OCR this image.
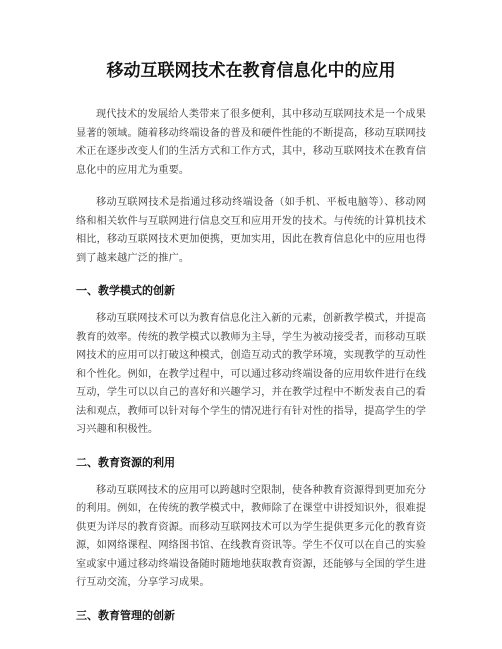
移动互联网技术在教育信息化中的应用

现代技术的发展给人类带来了很多便利，其中移动互联网技术是一个成果显著的领域。随着移动终端设备的普及和硬件性能的不断提高，移动互联网技术正在逐步改变人们的生活方式和工作方式，其中，移动互联网技术在教育信息化中的应用尤为重要。

移动互联网技术是指通过移动终端设备（如手机、平板电脑等）、移动网络和相关软件与互联网进行信息交互和应用开发的技术。与传统的计算机技术相比，移动互联网技术更加便携，更加实用，因此在教育信息化中的应用也得到了越来越广泛的推广。

一、教学模式的创新

移动互联网技术可以为教育信息化注入新的元素，创新教学模式，并提高教育的效率。传统的教学模式以教师为主导，学生为被动接受者，而移动互联网技术的应用可以打破这种模式，创造互动式的教学环境，实现教学的互动性和个性化。例如，在教学过程中，可以通过移动终端设备的应用软件进行在线互动，学生可以以自己的喜好和兴趣学习，并在教学过程中不断发表自己的看法和观点，教师可以针对每个学生的情况进行有针对性的指导，提高学生的学习兴趣和积极性。

二、教育资源的利用

移动互联网技术的应用可以跨越时空限制，使各种教育资源得到更加充分的利用。例如，在传统的教学模式中，教师除了在课堂中讲授知识外，很难提供更为详尽的教育资源。而移动互联网技术可以为学生提供更多元化的教育资源，如网络课程、网络图书馆、在线教育资讯等。学生不仅可以在自己的实验室或家中通过移动终端设备随时随地地获取教育资源，还能够与全国的学生进行互动交流，分享学习成果。

三、教育管理的创新
